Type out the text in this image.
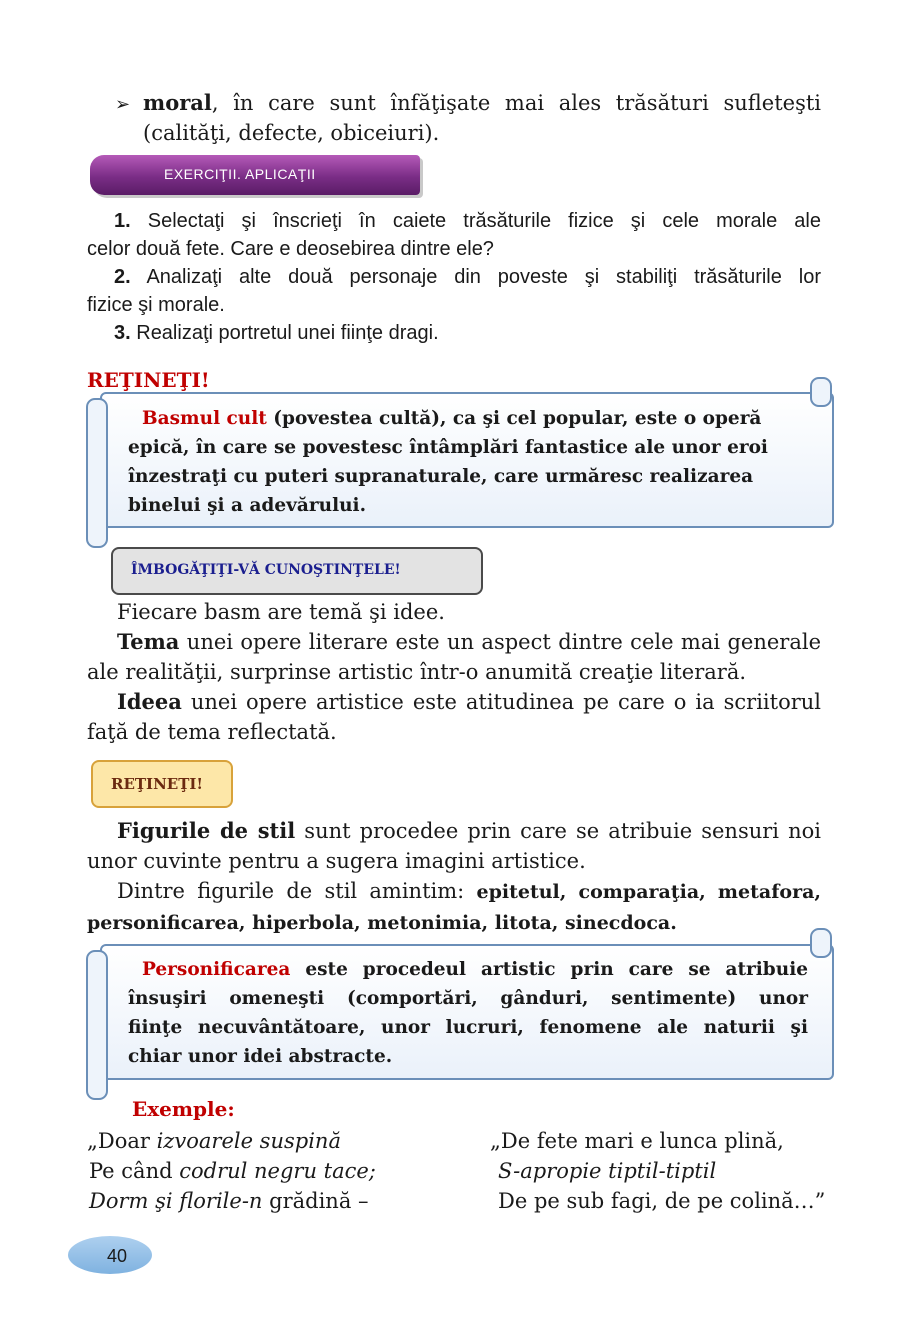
➢ moral, în care sunt înfăţişate mai ales trăsături sufleteşti
(calităţi, defecte, obiceiuri).
EXERCIŢII. APLICAŢII
1. Selectaţi şi înscrieţi în caiete trăsăturile fizice şi cele morale ale
celor două fete. Care e deosebirea dintre ele?
2. Analizaţi alte două personaje din poveste şi stabiliţi trăsăturile lor
fizice şi morale.
3. Realizaţi portretul unei fiinţe dragi.
REŢINEŢI!
Basmul cult (povestea cultă), ca şi cel popular, este o operă
epică, în care se povestesc întâmplări fantastice ale unor eroi
înzestraţi cu puteri supranaturale, care urmăresc realizarea
binelui şi a adevărului.
ÎMBOGĂŢIŢI-VĂ CUNOŞTINŢELE!
Fiecare basm are temă şi idee.
Tema unei opere literare este un aspect dintre cele mai generale
ale realităţii, surprinse artistic într-o anumită creaţie literară.
Ideea unei opere artistice este atitudinea pe care o ia scriitorul
faţă de tema reflectată.
REŢINEŢI!
Figurile de stil sunt procedee prin care se atribuie sensuri noi
unor cuvinte pentru a sugera imagini artistice.
Dintre figurile de stil amintim: epitetul, comparaţia, metafora,
personificarea, hiperbola, metonimia, litota, sinecdoca.
Personificarea este procedeul artistic prin care se atribuie
însuşiri omeneşti (comportări, gânduri, sentimente) unor
fiinţe necuvântătoare, unor lucruri, fenomene ale naturii şi
chiar unor idei abstracte.
Exemple:
„Doar izvoarele suspină
Pe când codrul negru tace;
Dorm şi florile-n grădină –
„De fete mari e lunca plină,
S-apropie tiptil-tiptil
De pe sub fagi, de pe colină…”
40
